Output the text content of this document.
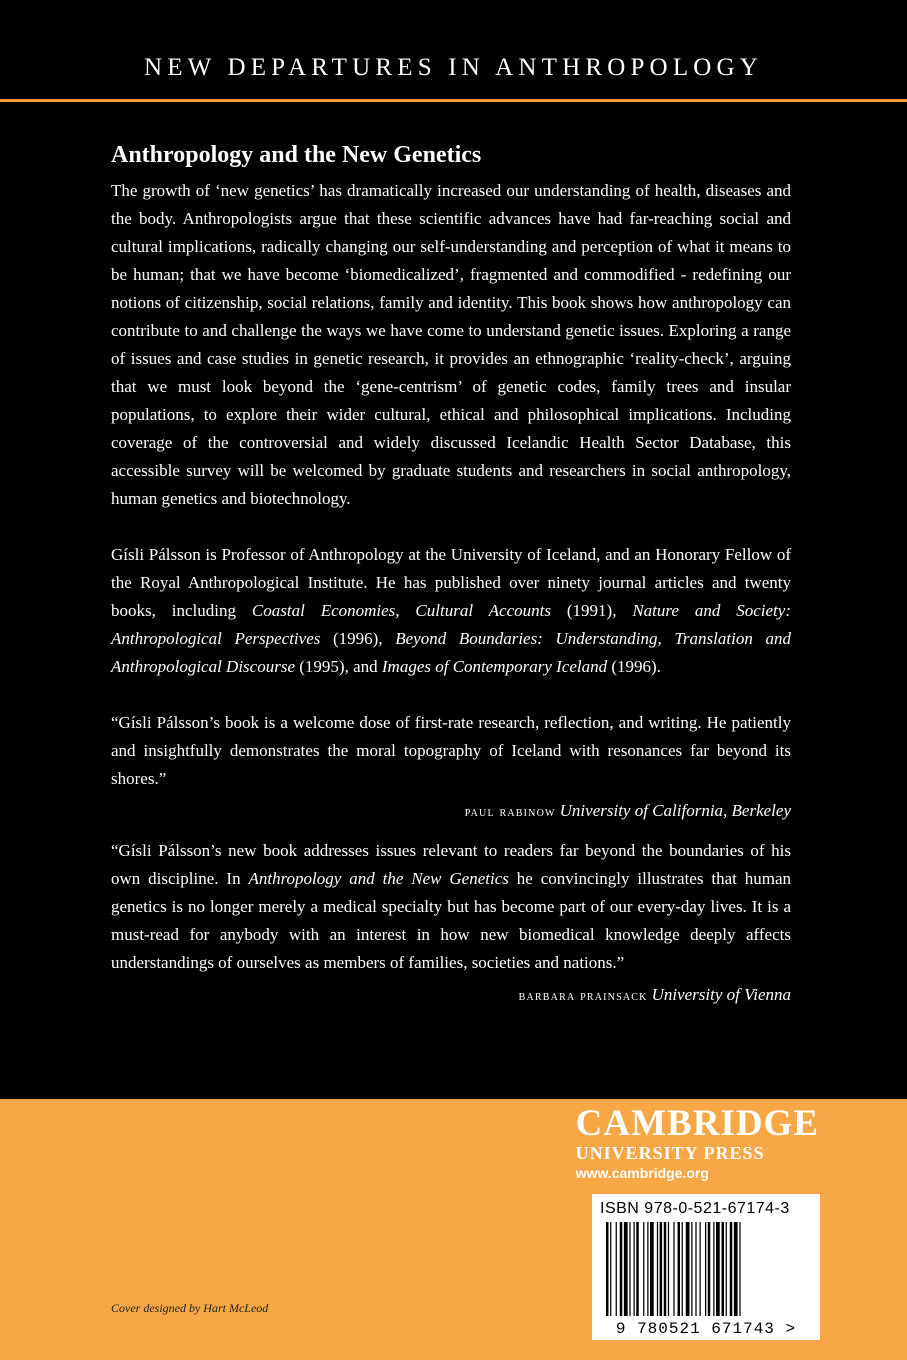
NEW DEPARTURES IN ANTHROPOLOGY
Anthropology and the New Genetics

The growth of ‘new genetics’ has dramatically increased our understanding of health, diseases and the body. Anthropologists argue that these scientific advances have had far-reaching social and cultural implications, radically changing our self-understanding and perception of what it means to be human; that we have become ‘biomedicalized’, fragmented and commodified - redefining our notions of citizenship, social relations, family and identity. This book shows how anthropology can contribute to and challenge the ways we have come to understand genetic issues. Exploring a range of issues and case studies in genetic research, it provides an ethnographic ‘reality-check’, arguing that we must look beyond the ‘gene-centrism’ of genetic codes, family trees and insular populations, to explore their wider cultural, ethical and philosophical implications. Including coverage of the controversial and widely discussed Icelandic Health Sector Database, this accessible survey will be welcomed by graduate students and researchers in social anthropology, human genetics and biotechnology.

Gísli Pálsson is Professor of Anthropology at the University of Iceland, and an Honorary Fellow of the Royal Anthropological Institute. He has published over ninety journal articles and twenty books, including Coastal Economies, Cultural Accounts (1991), Nature and Society: Anthropological Perspectives (1996), Beyond Boundaries: Understanding, Translation and Anthropological Discourse (1995), and Images of Contemporary Iceland (1996).

“Gísli Pálsson’s book is a welcome dose of first-rate research, reflection, and writing. He patiently and insightfully demonstrates the moral topography of Iceland with resonances far beyond its shores.”

paul rabinow University of California, Berkeley

“Gísli Pálsson’s new book addresses issues relevant to readers far beyond the boundaries of his own discipline. In Anthropology and the New Genetics he convincingly illustrates that human genetics is no longer merely a medical specialty but has become part of our every-day lives. It is a must-read for anybody with an interest in how new biomedical knowledge deeply affects understandings of ourselves as members of families, societies and nations.”

barbara prainsack University of Vienna
CAMBRIDGE
UNIVERSITY PRESS
www.cambridge.org
ISBN 978-0-521-67174-3
9 780521 671743 >
Cover designed by Hart McLeod
